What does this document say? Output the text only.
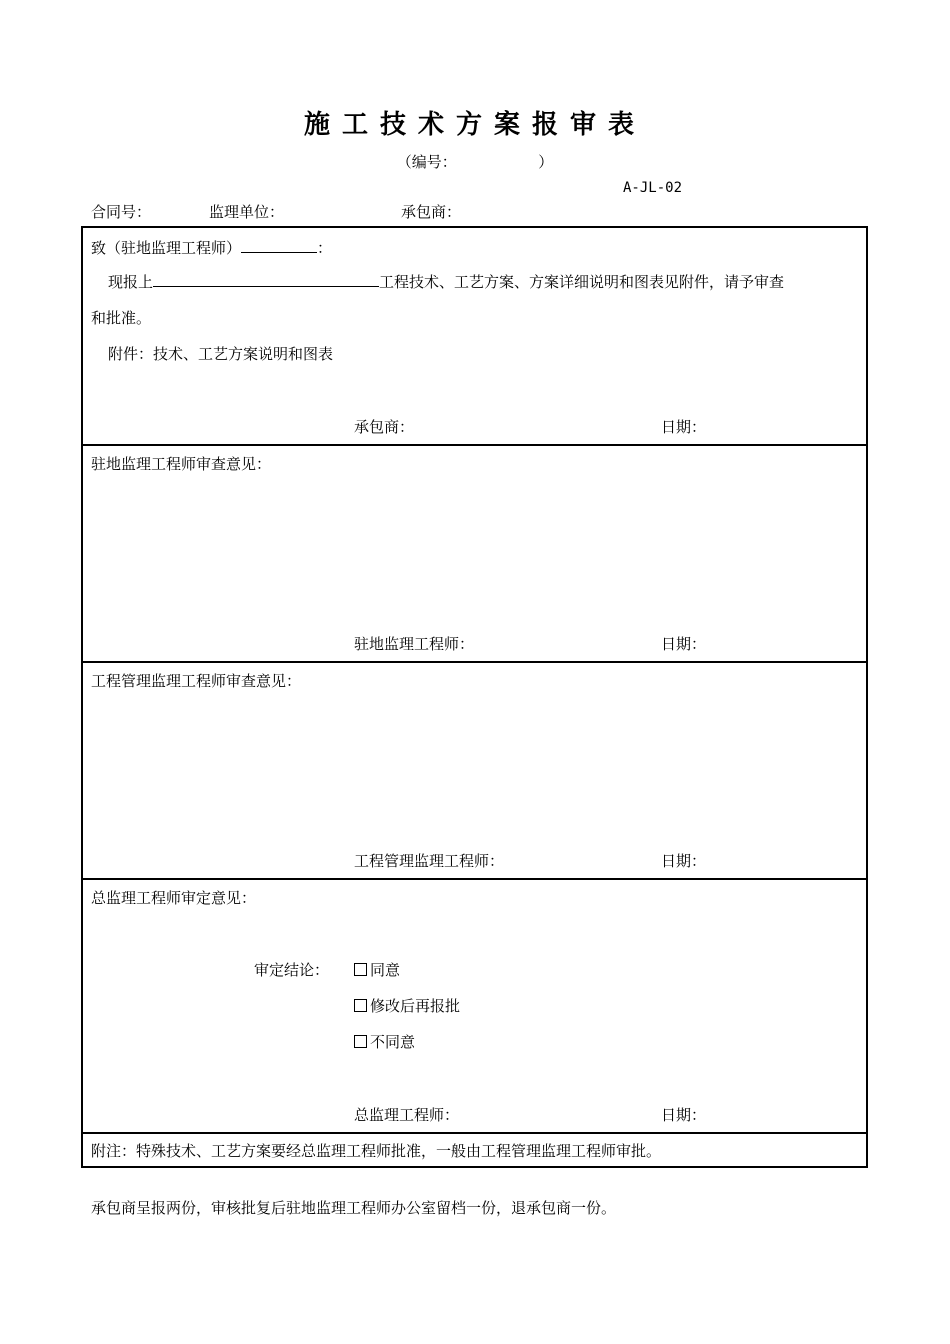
施工技术方案报审表
（编号：	）
A-JL-02
合同号：	监理单位：	承包商：
致（驻地监理工程师）	：
现报上	工程技术、工艺方案、方案详细说明和图表见附件，请予审查
和批准。
附件：技术、工艺方案说明和图表
承包商：	日期：
驻地监理工程师审查意见：
驻地监理工程师：	日期：
工程管理监理工程师审查意见：
工程管理监理工程师：	日期：
总监理工程师审定意见：
审定结论：	同意
修改后再报批
不同意
总监理工程师：	日期：
附注：特殊技术、工艺方案要经总监理工程师批准，一般由工程管理监理工程师审批。
承包商呈报两份，审核批复后驻地监理工程师办公室留档一份，退承包商一份。
